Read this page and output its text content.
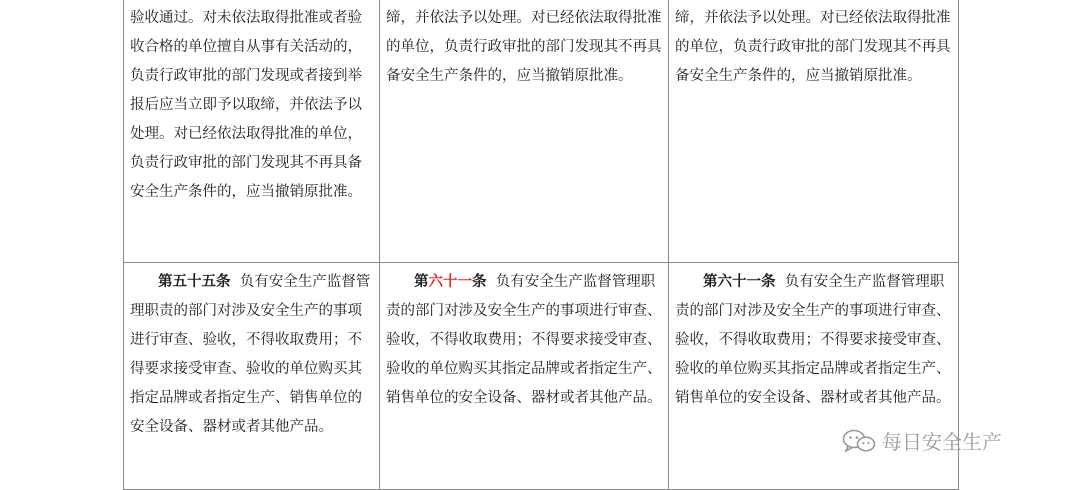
验收通过。对未依法取得批准或者验收合格的单位擅自从事有关活动的，负责行政审批的部门发现或者接到举报后应当立即予以取缔，并依法予以处理。对已经依法取得批准的单位，负责行政审批的部门发现其不再具备安全生产条件的，应当撤销原批准。	缔，并依法予以处理。对已经依法取得批准的单位，负责行政审批的部门发现其不再具备安全生产条件的，应当撤销原批准。	缔，并依法予以处理。对已经依法取得批准的单位，负责行政审批的部门发现其不再具备安全生产条件的，应当撤销原批准。
第五十五条 负有安全生产监督管理职责的部门对涉及安全生产的事项进行审查、验收，不得收取费用；不得要求接受审查、验收的单位购买其指定品牌或者指定生产、销售单位的安全设备、器材或者其他产品。	第六十一条 负有安全生产监督管理职责的部门对涉及安全生产的事项进行审查、验收，不得收取费用；不得要求接受审查、验收的单位购买其指定品牌或者指定生产、销售单位的安全设备、器材或者其他产品。	第六十一条 负有安全生产监督管理职责的部门对涉及安全生产的事项进行审查、验收，不得收取费用；不得要求接受审查、验收的单位购买其指定品牌或者指定生产、销售单位的安全设备、器材或者其他产品。
每日安全生产
